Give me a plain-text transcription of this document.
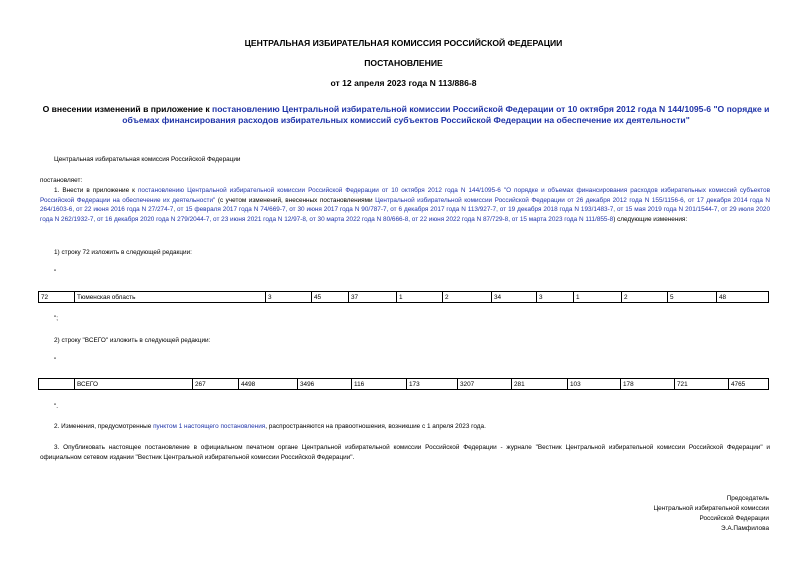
ЦЕНТРАЛЬНАЯ ИЗБИРАТЕЛЬНАЯ КОМИССИЯ РОССИЙСКОЙ ФЕДЕРАЦИИ
ПОСТАНОВЛЕНИЕ
от 12 апреля 2023 года N 113/886-8
О внесении изменений в приложение к постановлению Центральной избирательной комиссии Российской Федерации от 10 октября 2012 года N 144/1095-6 "О порядке и объемах финансирования расходов избирательных комиссий субъектов Российской Федерации на обеспечение их деятельности"
Центральная избирательная комиссия Российской Федерации
постановляет:
1. Внести в приложение к постановлению Центральной избирательной комиссии Российской Федерации от 10 октября 2012 года N 144/1095-6 "О порядке и объемах финансирования расходов избирательных комиссий субъектов Российской Федерации на обеспечение их деятельности" (с учетом изменений, внесенных постановлениями Центральной избирательной комиссии Российской Федерации от 26 декабря 2012 года N 155/1156-6, от 17 декабря 2014 года N 264/1603-6, от 22 июня 2016 года N 27/274-7, от 15 февраля 2017 года N 74/669-7, от 30 июня 2017 года N 90/787-7, от 6 декабря 2017 года N 113/927-7, от 19 декабря 2018 года N 193/1483-7, от 15 мая 2019 года N 201/1544-7, от 29 июля 2020 года N 262/1932-7, от 16 декабря 2020 года N 279/2044-7, от 23 июня 2021 года N 12/97-8, от 30 марта 2022 года N 80/666-8, от 22 июня 2022 года N 87/729-8, от 15 марта 2023 года N 111/855-8) следующие изменения:
1) строку 72 изложить в следующей редакции:
"
72	Тюменская область	3	45	37	1	2	34	3	1	2	5	48
";
2) строку "ВСЕГО" изложить в следующей редакции:
"
	ВСЕГО	267	4498	3496	116	173	3207	281	103	178	721	4765
".
2. Изменения, предусмотренные пунктом 1 настоящего постановления, распространяются на правоотношения, возникшие с 1 апреля 2023 года.
3. Опубликовать настоящее постановление в официальном печатном органе Центральной избирательной комиссии Российской Федерации - журнале "Вестник Центральной избирательной комиссии Российской Федерации" и официальном сетевом издании "Вестник Центральной избирательной комиссии Российской Федерации".
Председатель
Центральной избирательной комиссии
Российской Федерации
Э.А.Памфилова
